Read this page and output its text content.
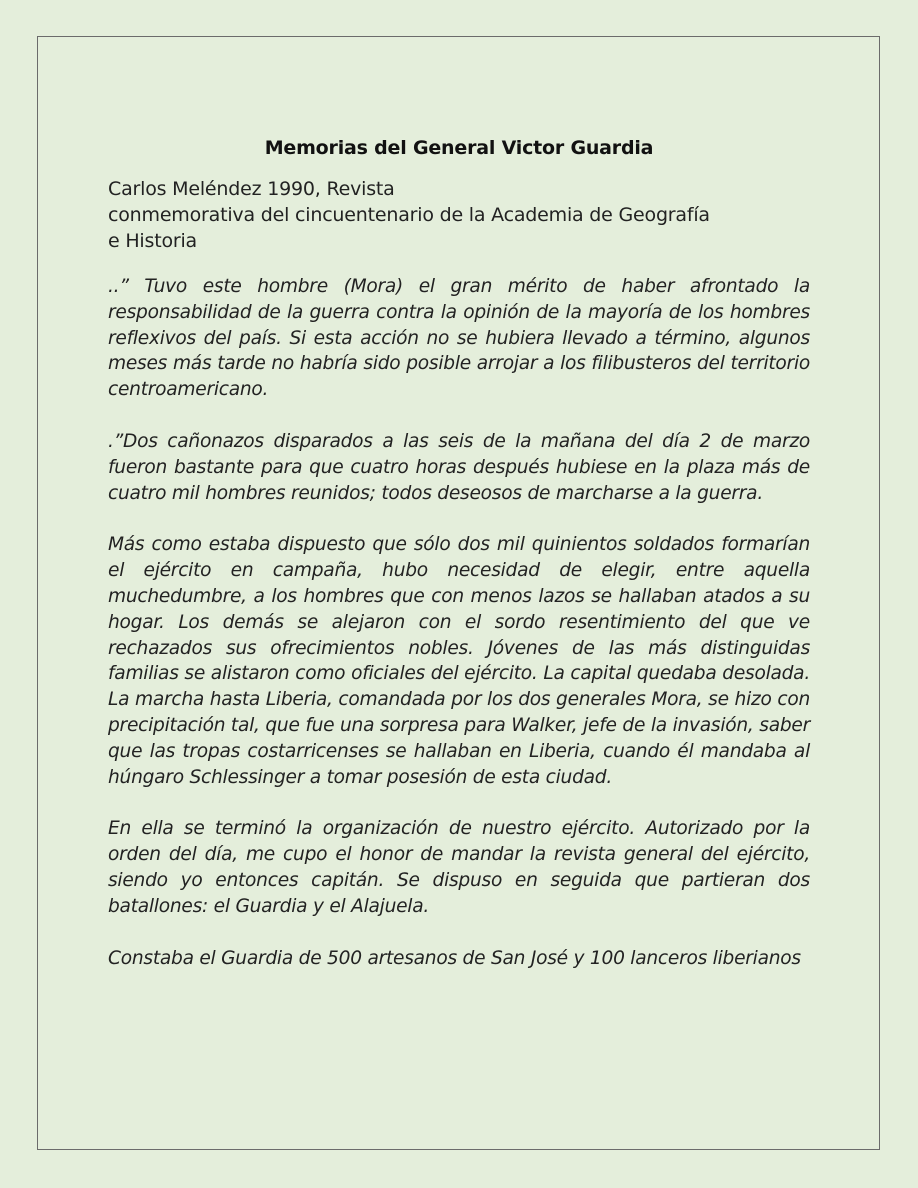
Memorias del General Victor Guardia
Carlos Meléndez 1990, Revista
conmemorativa del cincuentenario de la Academia de Geografía
e Historia

..” Tuvo este hombre (Mora) el gran mérito de haber afrontado la responsabilidad de la guerra contra la opinión de la mayoría de los hombres reflexivos del país. Si esta acción no se hubiera llevado a término, algunos meses más tarde no habría sido posible arrojar a los filibusteros del territorio centroamericano.

.”Dos cañonazos disparados a las seis de la mañana del día 2 de marzo fueron bastante para que cuatro horas después hubiese en la plaza más de cuatro mil hombres reunidos; todos deseosos de marcharse a la guerra.

Más como estaba dispuesto que sólo dos mil quinientos soldados formarían el ejército en campaña, hubo necesidad de elegir, entre aquella muchedumbre, a los hombres que con menos lazos se hallaban atados a su hogar. Los demás se alejaron con el sordo resentimiento del que ve rechazados sus ofrecimientos nobles. Jóvenes de las más distinguidas familias se alistaron como oficiales del ejército. La capital quedaba desolada. La marcha hasta Liberia, comandada por los dos generales Mora, se hizo con precipitación tal, que fue una sorpresa para Walker, jefe de la invasión, saber que las tropas costarricenses se hallaban en Liberia, cuando él mandaba al húngaro Schlessinger a tomar posesión de esta ciudad.

En ella se terminó la organización de nuestro ejército. Autorizado por la orden del día, me cupo el honor de mandar la revista general del ejército, siendo yo entonces capitán. Se dispuso en seguida que partieran dos batallones: el Guardia y el Alajuela.

Constaba el Guardia de 500 artesanos de San José y 100 lanceros liberianos
